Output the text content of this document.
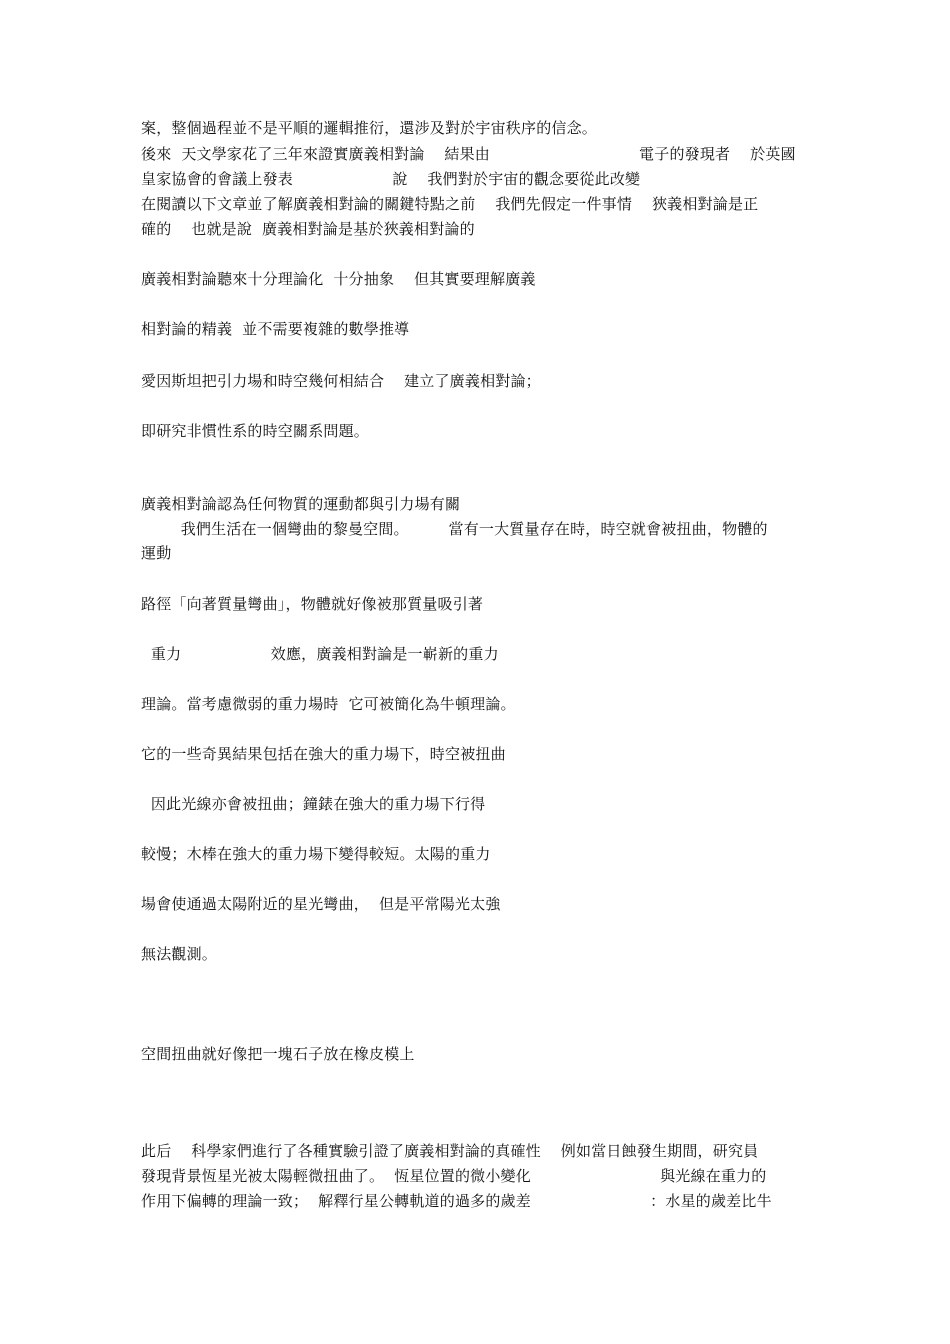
案，整個過程並不是平順的邏輯推衍，還涉及對於宇宙秩序的信念。
後來  天文學家花了三年來證實廣義相對論    結果由                              電子的發現者    於英國
皇家協會的會議上發表                    說    我們對於宇宙的觀念要從此改變
在閱讀以下文章並了解廣義相對論的關鍵特點之前    我們先假定一件事情    狹義相對論是正
確的    也就是說  廣義相對論是基於狹義相對論的
廣義相對論聽來十分理論化  十分抽象    但其實要理解廣義
相對論的精義  並不需要複雜的數學推導
愛因斯坦把引力場和時空幾何相結合    建立了廣義相對論；
即研究非慣性系的時空關系問題。
廣義相對論認為任何物質的運動都與引力場有關
我們生活在一個彎曲的黎曼空間。        當有一大質量存在時，時空就會被扭曲，物體的
運動
路徑「向著質量彎曲」，物體就好像被那質量吸引著
重力                  效應，廣義相對論是一嶄新的重力
理論。當考慮微弱的重力場時  它可被簡化為牛頓理論。
它的一些奇異結果包括在強大的重力場下，時空被扭曲
因此光線亦會被扭曲；鐘錶在強大的重力場下行得
較慢；木棒在強大的重力場下變得較短。太陽的重力
場會使通過太陽附近的星光彎曲，  但是平常陽光太強
無法觀測。
空間扭曲就好像把一塊石子放在橡皮模上
此后    科學家們進行了各種實驗引證了廣義相對論的真確性    例如當日蝕發生期間，研究員
發現背景恆星光被太陽輕微扭曲了。  恆星位置的微小變化                          與光線在重力的
作用下偏轉的理論一致；  解釋行星公轉軌道的過多的歲差                        ：水星的歲差比牛
